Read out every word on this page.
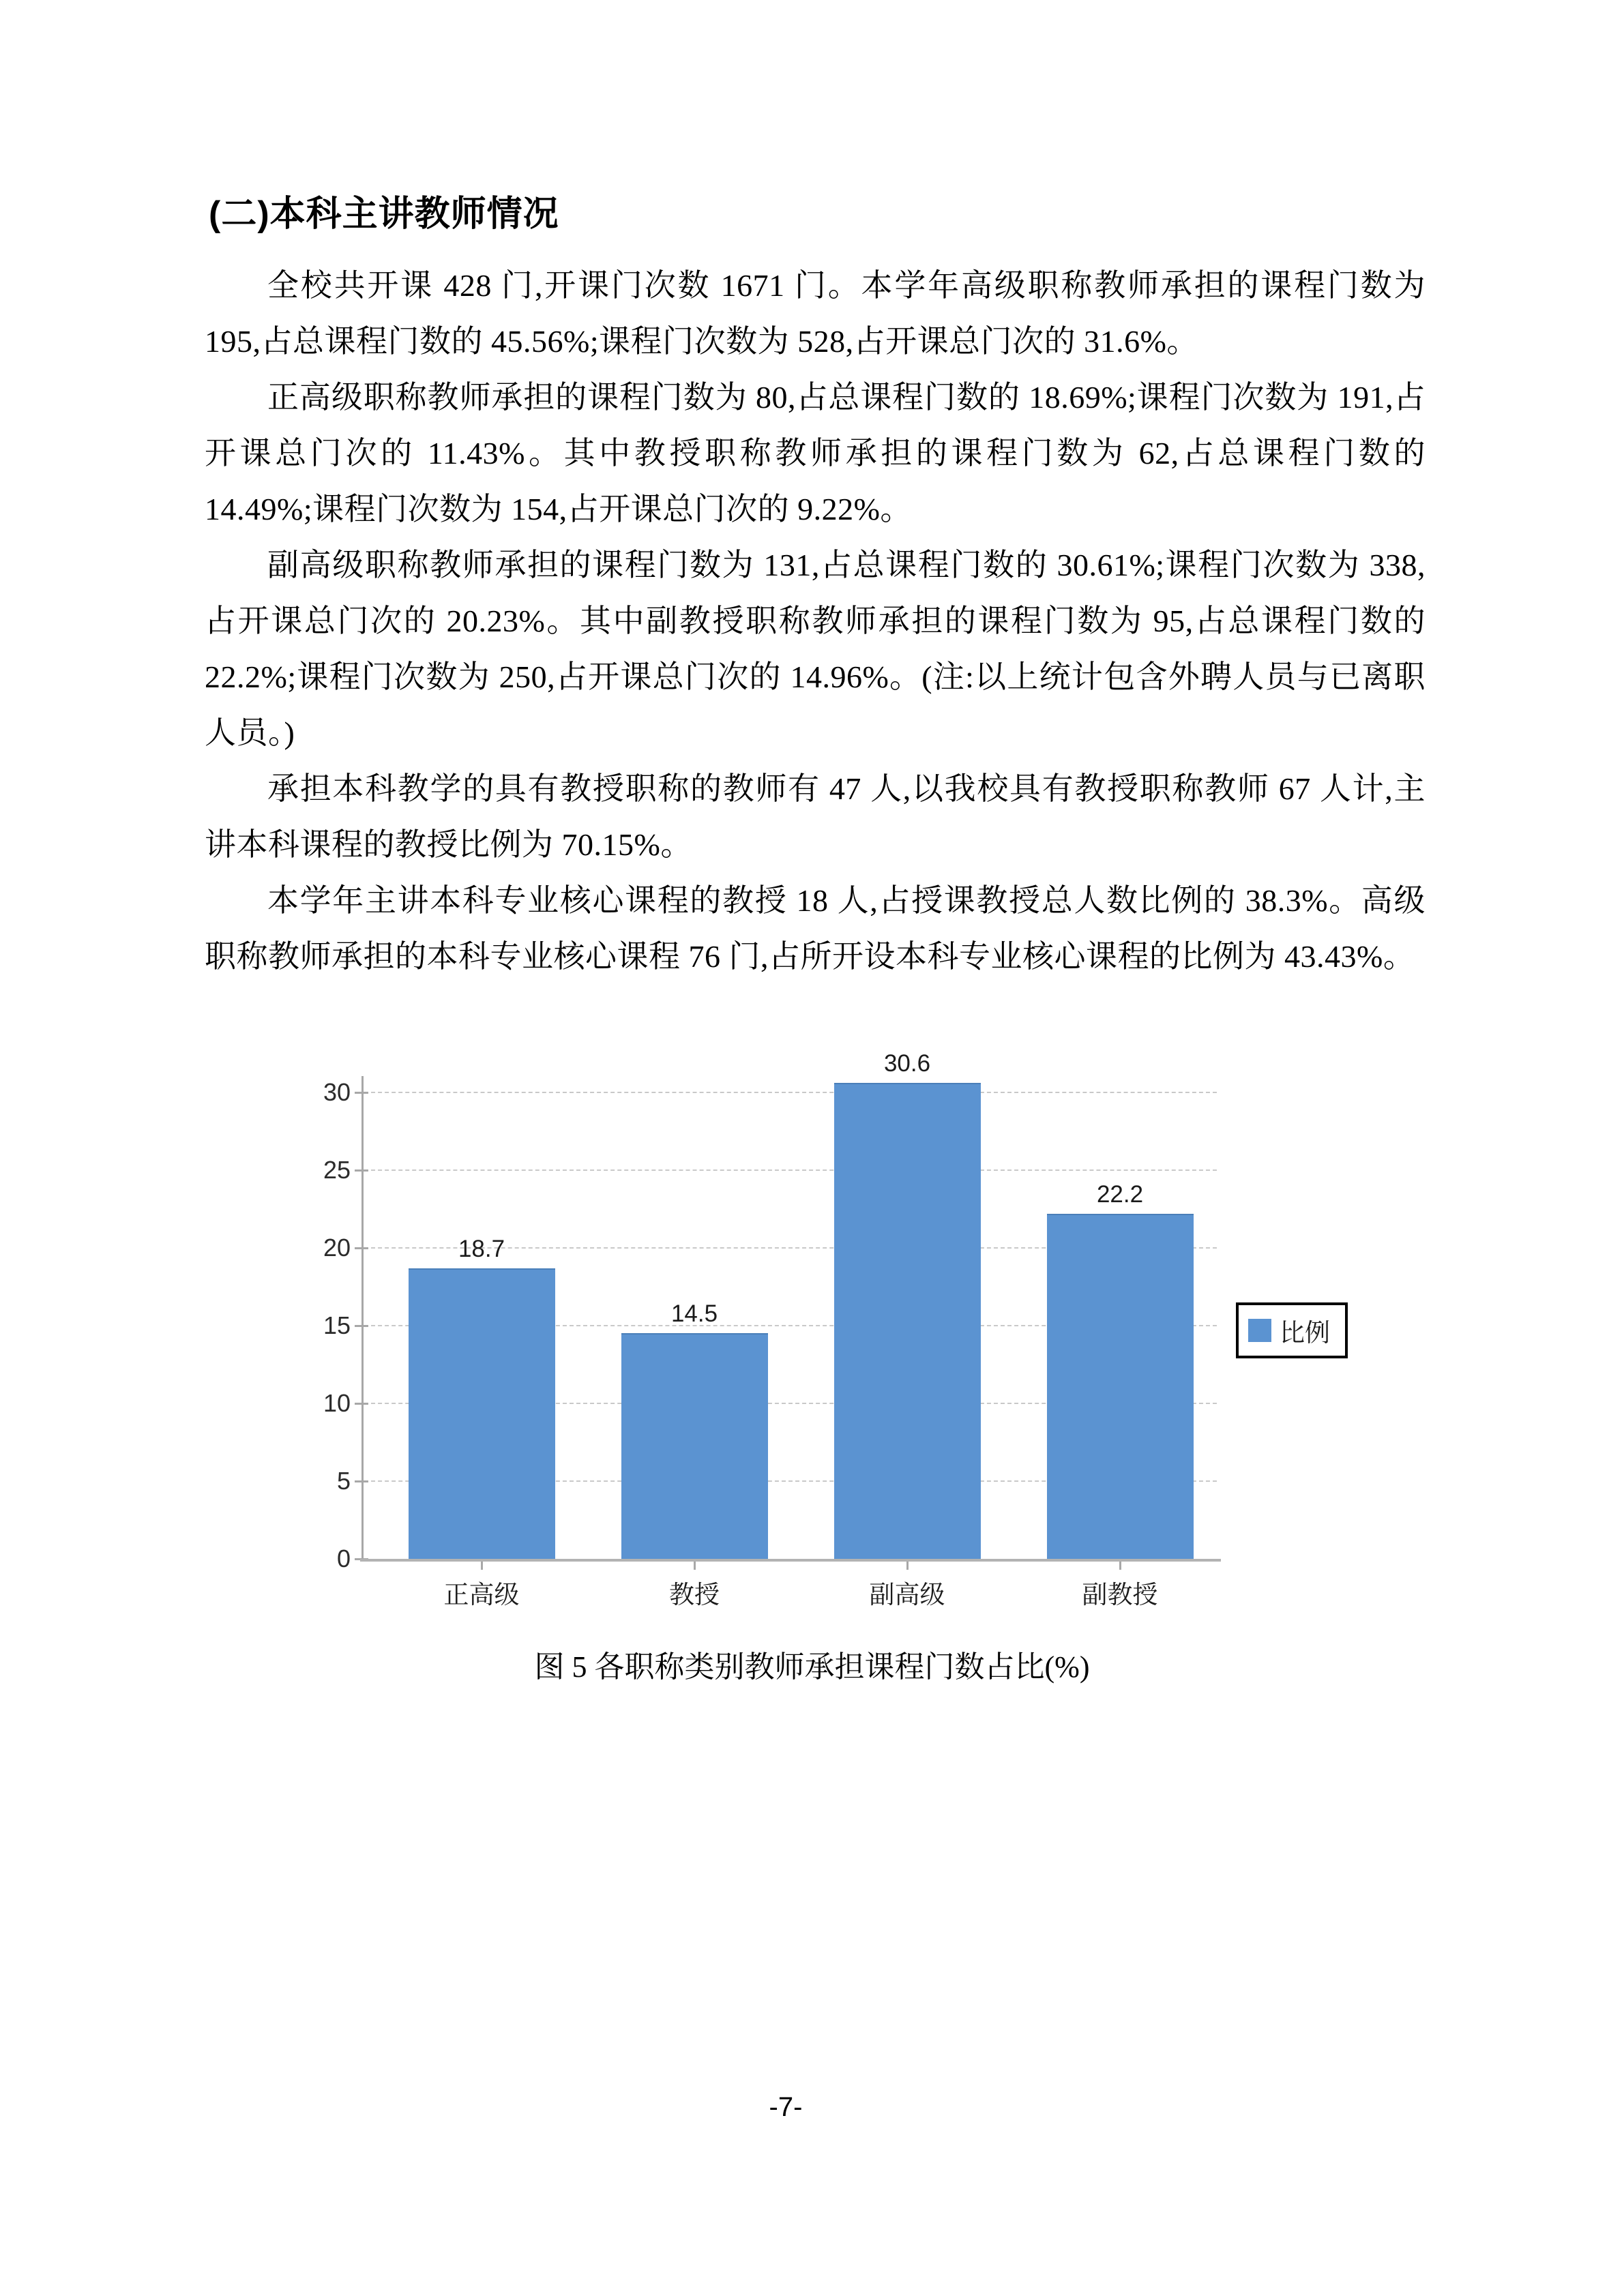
(二)本科主讲教师情况

全校共开课 428 门,开课门次数 1671 门。本学年高级职称教师承担的课程门数为 195,占总课程门数的 45.56%;课程门次数为 528,占开课总门次的 31.6%。

正高级职称教师承担的课程门数为 80,占总课程门数的 18.69%;课程门次数为 191,占开课总门次的 11.43%。其中教授职称教师承担的课程门数为 62,占总课程门数的 14.49%;课程门次数为 154,占开课总门次的 9.22%。

副高级职称教师承担的课程门数为 131,占总课程门数的 30.61%;课程门次数为 338,占开课总门次的 20.23%。其中副教授职称教师承担的课程门数为 95,占总课程门数的 22.2%;课程门次数为 250,占开课总门次的 14.96%。(注:以上统计包含外聘人员与已离职人员。)

承担本科教学的具有教授职称的教师有 47 人,以我校具有教授职称教师 67 人计,主讲本科课程的教授比例为 70.15%。

本学年主讲本科专业核心课程的教授 18 人,占授课教授总人数比例的 38.3%。高级职称教师承担的本科专业核心课程 76 门,占所开设本科专业核心课程的比例为 43.43%。

0
5
10
15
20
25
30
18.7
正高级
14.5
教授
30.6
副高级
22.2
副教授
比例
图 5 各职称类别教师承担课程门数占比(%)
-7-
